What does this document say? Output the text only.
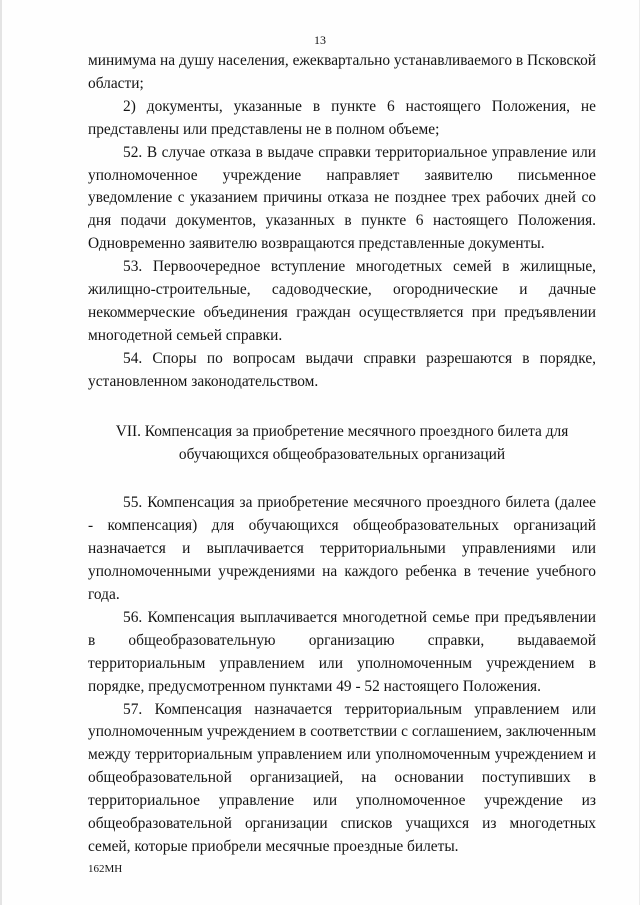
13

минимума на душу населения, ежеквартально устанавливаемого в Псковской области;

2) документы, указанные в пункте 6 настоящего Положения, не представлены или представлены не в полном объеме;

52. В случае отказа в выдаче справки территориальное управление или уполномоченное учреждение направляет заявителю письменное уведомление с указанием причины отказа не позднее трех рабочих дней со дня подачи документов, указанных в пункте 6 настоящего Положения. Одновременно заявителю возвращаются представленные документы.

53. Первоочередное вступление многодетных семей в жилищные, жилищно-строительные, садоводческие, огороднические и дачные некоммерческие объединения граждан осуществляется при предъявлении многодетной семьей справки.

54. Споры по вопросам выдачи справки разрешаются в порядке, установленном законодательством.

VII. Компенсация за приобретение месячного проездного билета для
обучающихся общеобразовательных организаций

55. Компенсация за приобретение месячного проездного билета (далее - компенсация) для обучающихся общеобразовательных организаций назначается и выплачивается территориальными управлениями или уполномоченными учреждениями на каждого ребенка в течение учебного года.

56. Компенсация выплачивается многодетной семье при предъявлении в общеобразовательную организацию справки, выдаваемой территориальным управлением или уполномоченным учреждением в порядке, предусмотренном пунктами 49 - 52 настоящего Положения.

57. Компенсация назначается территориальным управлением или уполномоченным учреждением в соответствии с соглашением, заключенным между территориальным управлением или уполномоченным учреждением и общеобразовательной организацией, на основании поступивших в территориальное управление или уполномоченное учреждение из общеобразовательной организации списков учащихся из многодетных семей, которые приобрели месячные проездные билеты.

162МН
